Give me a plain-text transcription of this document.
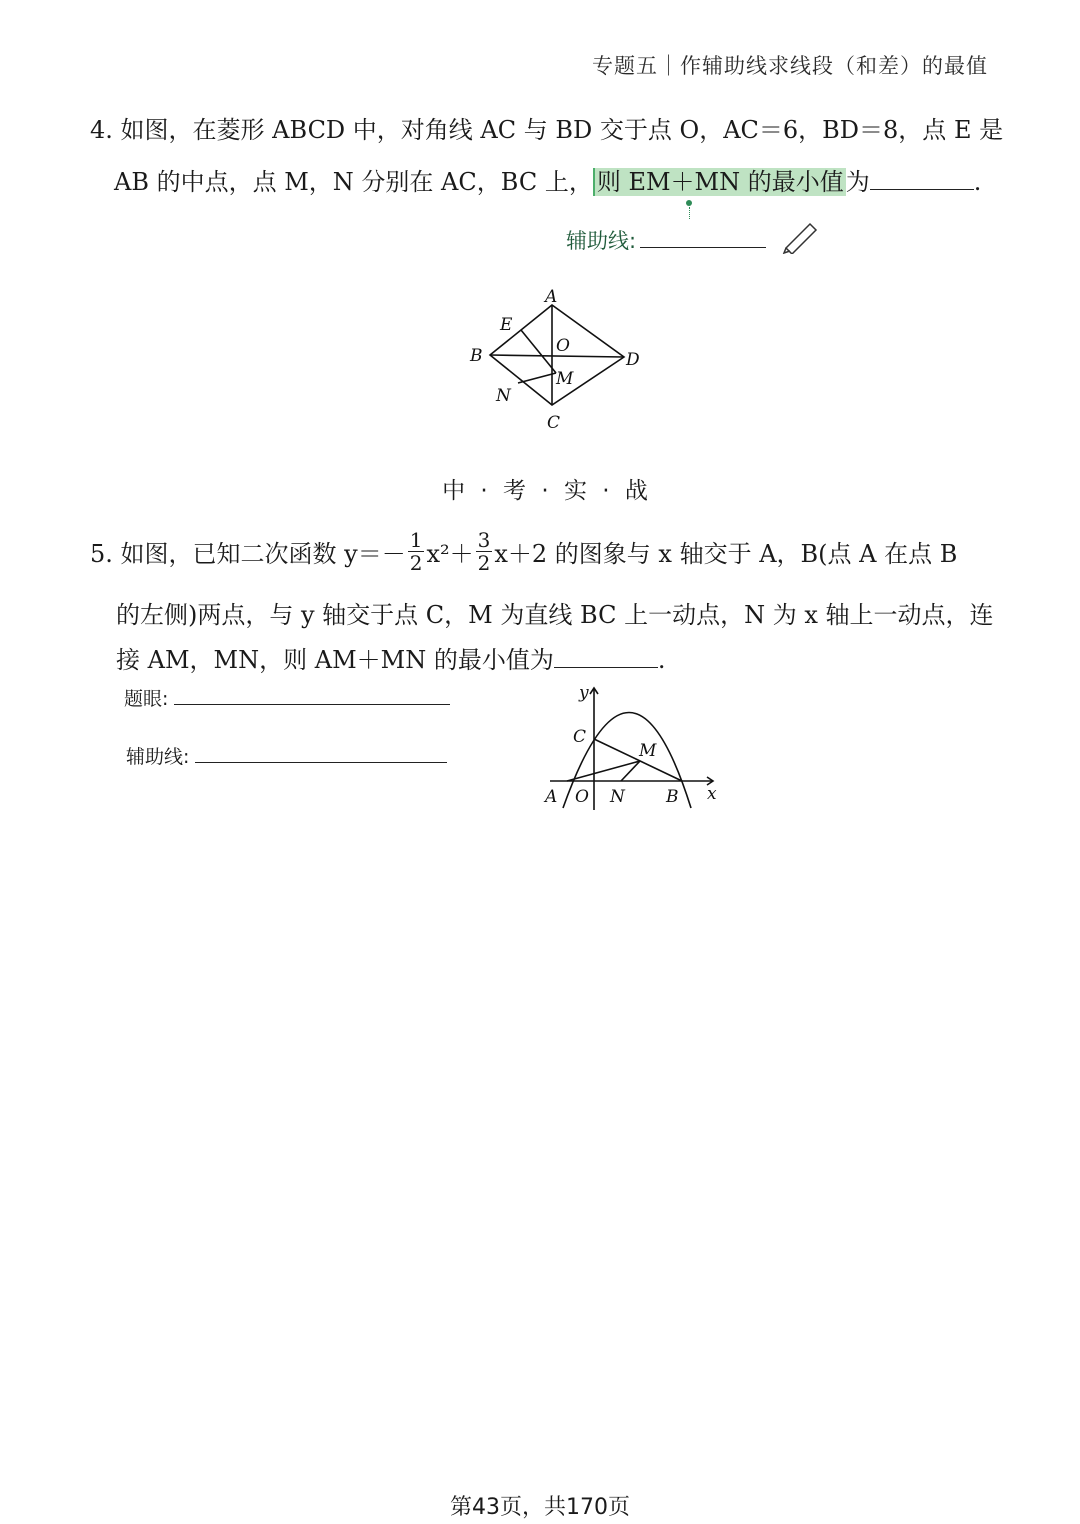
专题五｜作辅助线求线段（和差）的最值
4. 如图，在菱形 ABCD 中，对角线 AC 与 BD 交于点 O，AC＝6，BD＝8，点 E 是
AB 的中点，点 M，N 分别在 AC，BC 上， 则 EM＋MN 的最小值为	.
辅助线:
A
B
C
D
E
O
M
N
中 · 考 · 实 · 战
5. 如图，已知二次函数 $y=- \frac{1}{2} x^2+ \frac{3}{2} x+2$ 的图象与 x 轴交于 A，B(点 A 在点 B
的左侧)两点，与 y 轴交于点 C，M 为直线 BC 上一动点，N 为 x 轴上一动点，连
接 AM，MN，则 AM＋MN 的最小值为	.
题眼:
辅助线:
y
x
C
M
A O N B
第43页，共170页
